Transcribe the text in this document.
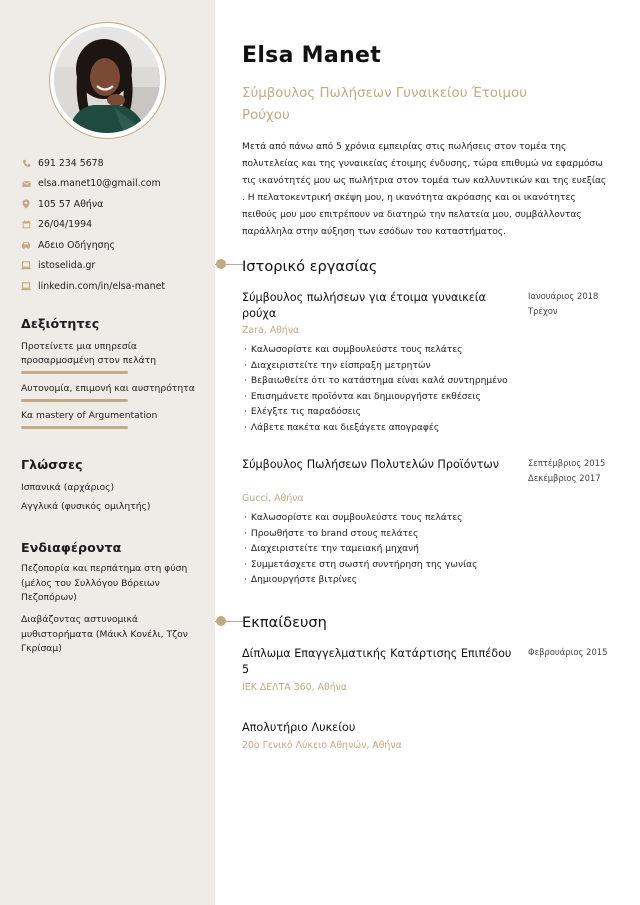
691 234 5678
elsa.manet10@gmail.com
105 57 Αθήνα
26/04/1994
Αδειο Οδήγησης
istoselida.gr
linkedin.com/in/elsa-manet
Δεξιότητες
Προτείνετε μια υπηρεσία προσαρμοσμένη στον πελάτη
Αυτονομία, επιμονή και αυστηρότητα
Κα mastery of Argumentation
Γλώσσες
Ισπανικά (αρχάριος)
Αγγλικά (φυσικός ομιλητής)
Ενδιαφέροντα
Πεζοπορία και περπάτημα στη φύση (μέλος του Συλλόγου Βόρειων Πεζοπόρων)
Διαβάζοντας αστυνομικά μυθιστορήματα (Μάικλ Κονέλι, Τζον Γκρίσαμ)
Elsa Manet
Σύμβουλος Πωλήσεων Γυναικείου Έτοιμου Ρούχου
Μετά από πάνω από 5 χρόνια εμπειρίας στις πωλήσεις στον τομέα της πολυτελείας και της γυναικείας έτοιμης ένδυσης, τώρα επιθυμώ να εφαρμόσω τις ικανότητές μου ως πωλήτρια στον τομέα των καλλυντικών και της ευεξίας . Η πελατοκεντρική σκέψη μου, η ικανότητα ακρόασης και οι ικανότητες πειθούς μου μου επιτρέπουν να διατηρώ την πελατεία μου, συμβάλλοντας παράλληλα στην αύξηση των εσόδων του καταστήματος.
Ιστορικό εργασίας
Σύμβουλος πωλήσεων για έτοιμα γυναικεία ρούχα
Ιανουάριος 2018
Τρέχον
Zara, Αθήνα
· Καλωσορίστε και συμβουλεύστε τους πελάτες
· Διαχειριστείτε την είσπραξη μετρητών
· Βεβαιωθείτε ότι το κατάστημα είναι καλά συντηρημένο
· Επισημάνετε προϊόντα και δημιουργήστε εκθέσεις
· Ελέγξτε τις παραδόσεις
· Λάβετε πακέτα και διεξάγετε απογραφές
Σύμβουλος Πωλήσεων Πολυτελών Προϊόντων	Σεπτέμβριος 2015
Δεκέμβριος 2017
Gucci, Αθήνα
· Καλωσορίστε και συμβουλεύστε τους πελάτες
· Προωθήστε το brand στους πελάτες
· Διαχειριστείτε την ταμειακή μηχανή
· Συμμετάσχετε στη σωστή συντήρηση της γωνίας
· Δημιουργήστε βιτρίνες
Εκπαίδευση
Δίπλωμα Επαγγελματικής Κατάρτισης Επιπέδου 5
Φεβρουάριος 2015
ΙΕΚ ΔΕΛΤΑ 360, Αθήνα
Απολυτήριο Λυκείου
20ο Γενικό Λύκειο Αθηνών, Αθήνα
